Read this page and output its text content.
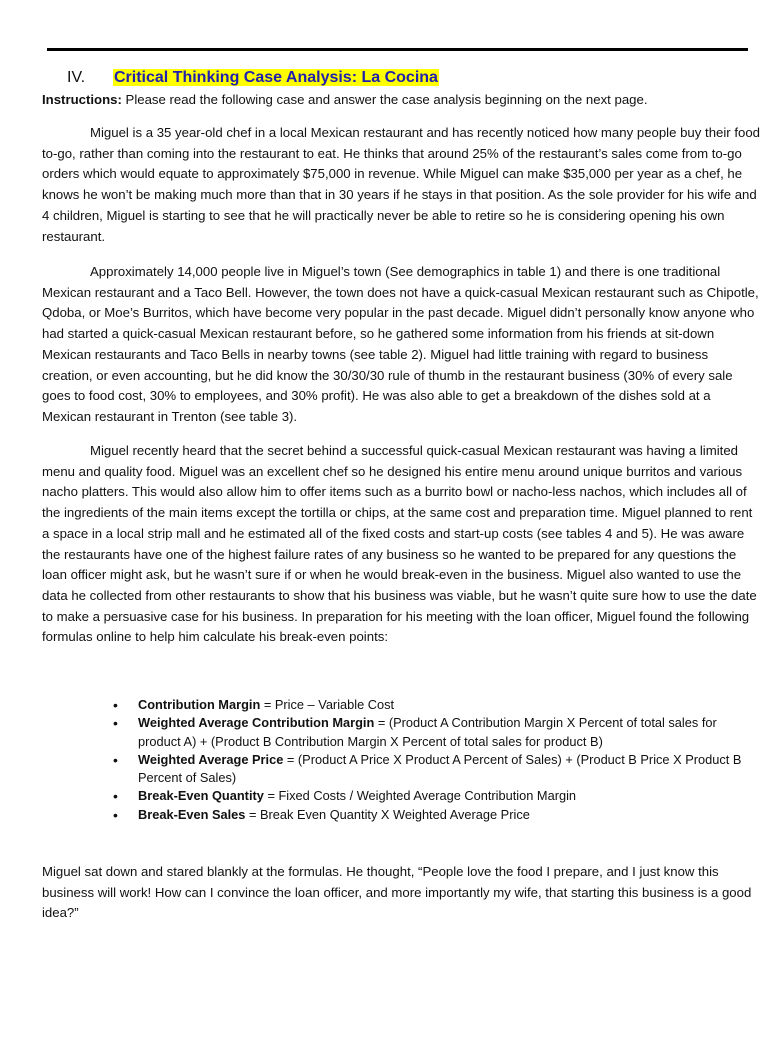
IV. Critical Thinking Case Analysis: La Cocina

Instructions: Please read the following case and answer the case analysis beginning on the next page.

Miguel is a 35 year-old chef in a local Mexican restaurant and has recently noticed how many people buy their food to-go, rather than coming into the restaurant to eat. He thinks that around 25% of the restaurant’s sales come from to-go orders which would equate to approximately $75,000 in revenue. While Miguel can make $35,000 per year as a chef, he knows he won’t be making much more than that in 30 years if he stays in that position. As the sole provider for his wife and 4 children, Miguel is starting to see that he will practically never be able to retire so he is considering opening his own restaurant.

Approximately 14,000 people live in Miguel’s town (See demographics in table 1) and there is one traditional Mexican restaurant and a Taco Bell. However, the town does not have a quick-casual Mexican restaurant such as Chipotle, Qdoba, or Moe’s Burritos, which have become very popular in the past decade. Miguel didn’t personally know anyone who had started a quick-casual Mexican restaurant before, so he gathered some information from his friends at sit-down Mexican restaurants and Taco Bells in nearby towns (see table 2). Miguel had little training with regard to business creation, or even accounting, but he did know the 30/30/30 rule of thumb in the restaurant business (30% of every sale goes to food cost, 30% to employees, and 30% profit). He was also able to get a breakdown of the dishes sold at a Mexican restaurant in Trenton (see table 3).

Miguel recently heard that the secret behind a successful quick-casual Mexican restaurant was having a limited menu and quality food. Miguel was an excellent chef so he designed his entire menu around unique burritos and various nacho platters. This would also allow him to offer items such as a burrito bowl or nacho-less nachos, which includes all of the ingredients of the main items except the tortilla or chips, at the same cost and preparation time. Miguel planned to rent a space in a local strip mall and he estimated all of the fixed costs and start-up costs (see tables 4 and 5). He was aware the restaurants have one of the highest failure rates of any business so he wanted to be prepared for any questions the loan officer might ask, but he wasn’t sure if or when he would break-even in the business. Miguel also wanted to use the data he collected from other restaurants to show that his business was viable, but he wasn’t quite sure how to use the date to make a persuasive case for his business. In preparation for his meeting with the loan officer, Miguel found the following formulas online to help him calculate his break-even points:

• Contribution Margin = Price – Variable Cost
• Weighted Average Contribution Margin = (Product A Contribution Margin X Percent of total sales for product A) + (Product B Contribution Margin X Percent of total sales for product B)
• Weighted Average Price = (Product A Price X Product A Percent of Sales) + (Product B Price X Product B Percent of Sales)
• Break-Even Quantity = Fixed Costs / Weighted Average Contribution Margin
• Break-Even Sales = Break Even Quantity X Weighted Average Price

Miguel sat down and stared blankly at the formulas. He thought, “People love the food I prepare, and I just know this business will work! How can I convince the loan officer, and more importantly my wife, that starting this business is a good idea?”
